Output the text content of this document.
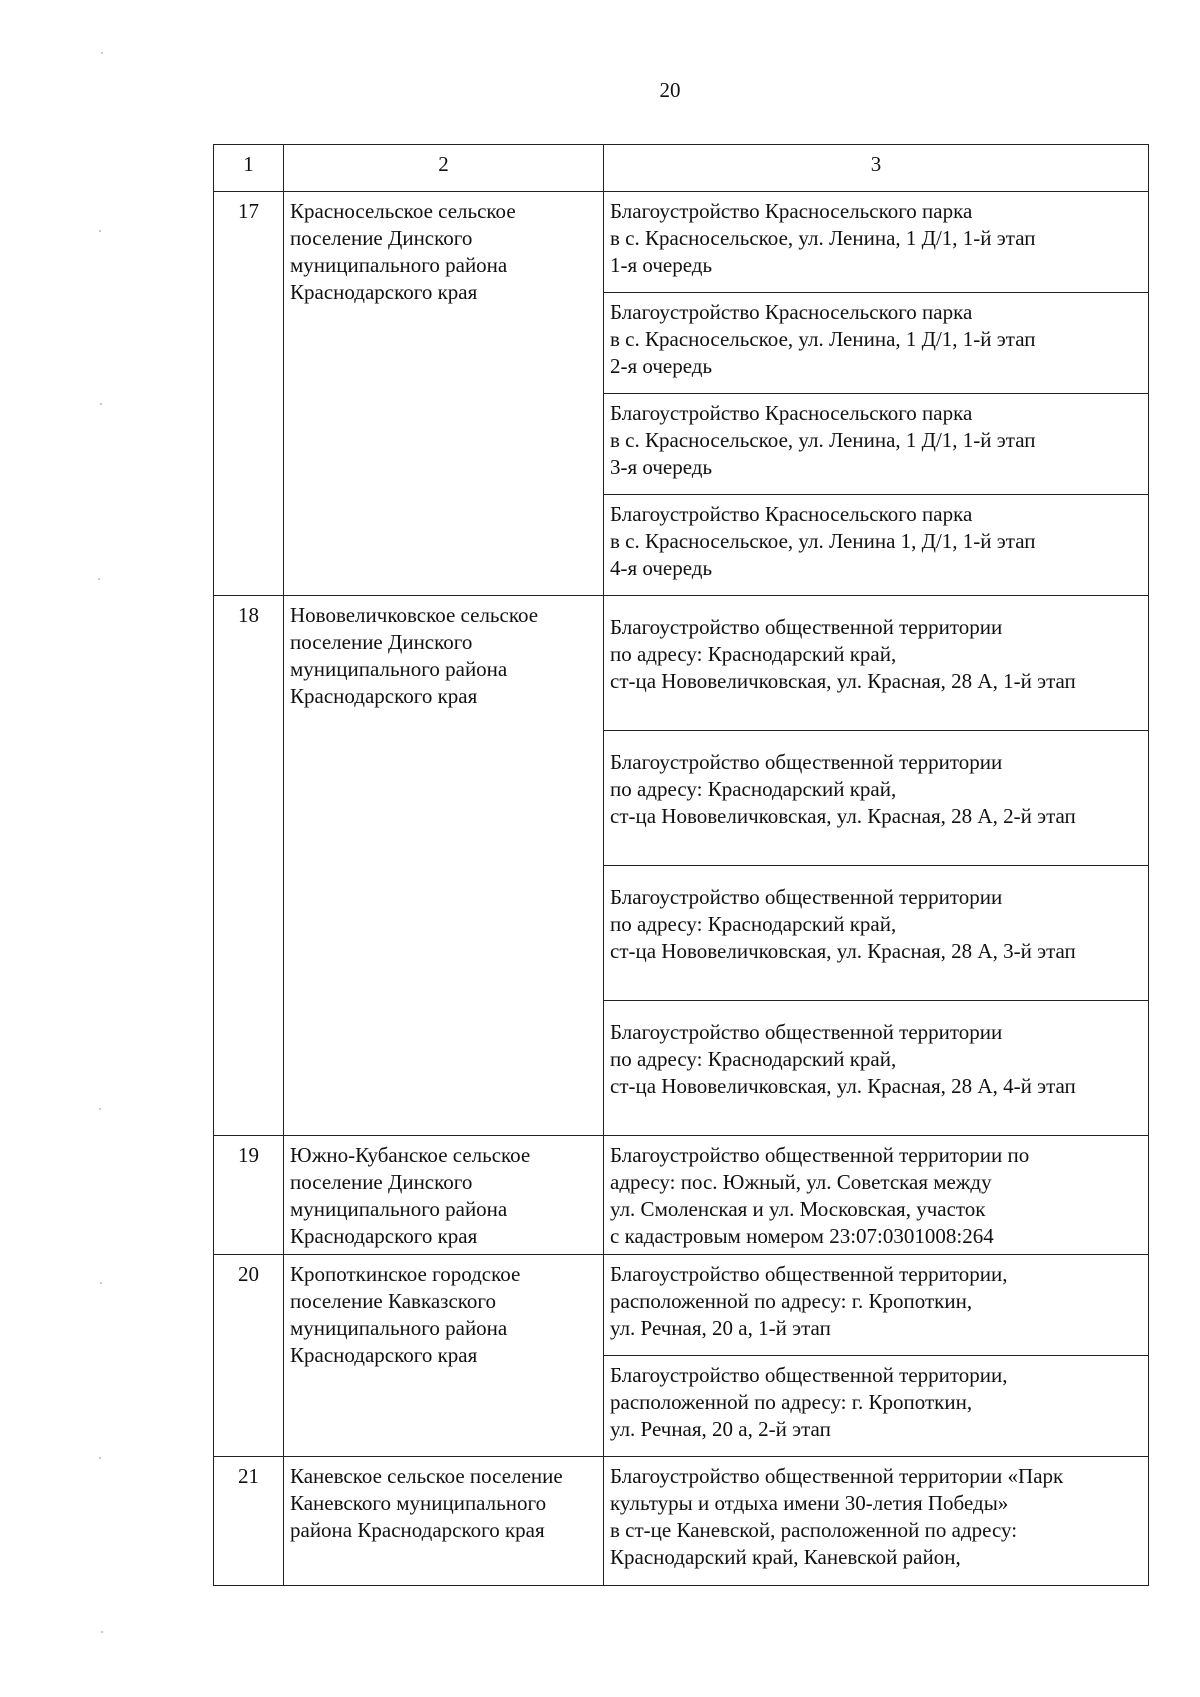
20
1	2	3
17	Красносельское сельское
поселение Динского
муниципального района
Краснодарского края	Благоустройство Красносельского парка
в с. Красносельское, ул. Ленина, 1 Д/1, 1-й этап
1-я очередь
		Благоустройство Красносельского парка
в с. Красносельское, ул. Ленина, 1 Д/1, 1-й этап
2-я очередь
		Благоустройство Красносельского парка
в с. Красносельское, ул. Ленина, 1 Д/1, 1-й этап
3-я очередь
		Благоустройство Красносельского парка
в с. Красносельское, ул. Ленина 1, Д/1, 1-й этап
4-я очередь
18	Нововеличковское сельское
поселение Динского
муниципального района
Краснодарского края	Благоустройство общественной территории
по адресу: Краснодарский край,
ст-ца Нововеличковская, ул. Красная, 28 А, 1-й этап
		Благоустройство общественной территории
по адресу: Краснодарский край,
ст-ца Нововеличковская, ул. Красная, 28 А, 2-й этап
		Благоустройство общественной территории
по адресу: Краснодарский край,
ст-ца Нововеличковская, ул. Красная, 28 А, 3-й этап
		Благоустройство общественной территории
по адресу: Краснодарский край,
ст-ца Нововеличковская, ул. Красная, 28 А, 4-й этап
19	Южно-Кубанское сельское
поселение Динского
муниципального района
Краснодарского края	Благоустройство общественной территории по
адресу: пос. Южный, ул. Советская между
ул. Смоленская и ул. Московская, участок
с кадастровым номером 23:07:0301008:264
20	Кропоткинское городское
поселение Кавказского
муниципального района
Краснодарского края	Благоустройство общественной территории,
расположенной по адресу: г. Кропоткин,
ул. Речная, 20 а, 1-й этап
		Благоустройство общественной территории,
расположенной по адресу: г. Кропоткин,
ул. Речная, 20 а, 2-й этап
21	Каневское сельское поселение
Каневского муниципального
района Краснодарского края	Благоустройство общественной территории «Парк
культуры и отдыха имени 30-летия Победы»
в ст-це Каневской, расположенной по адресу:
Краснодарский край, Каневской район,
